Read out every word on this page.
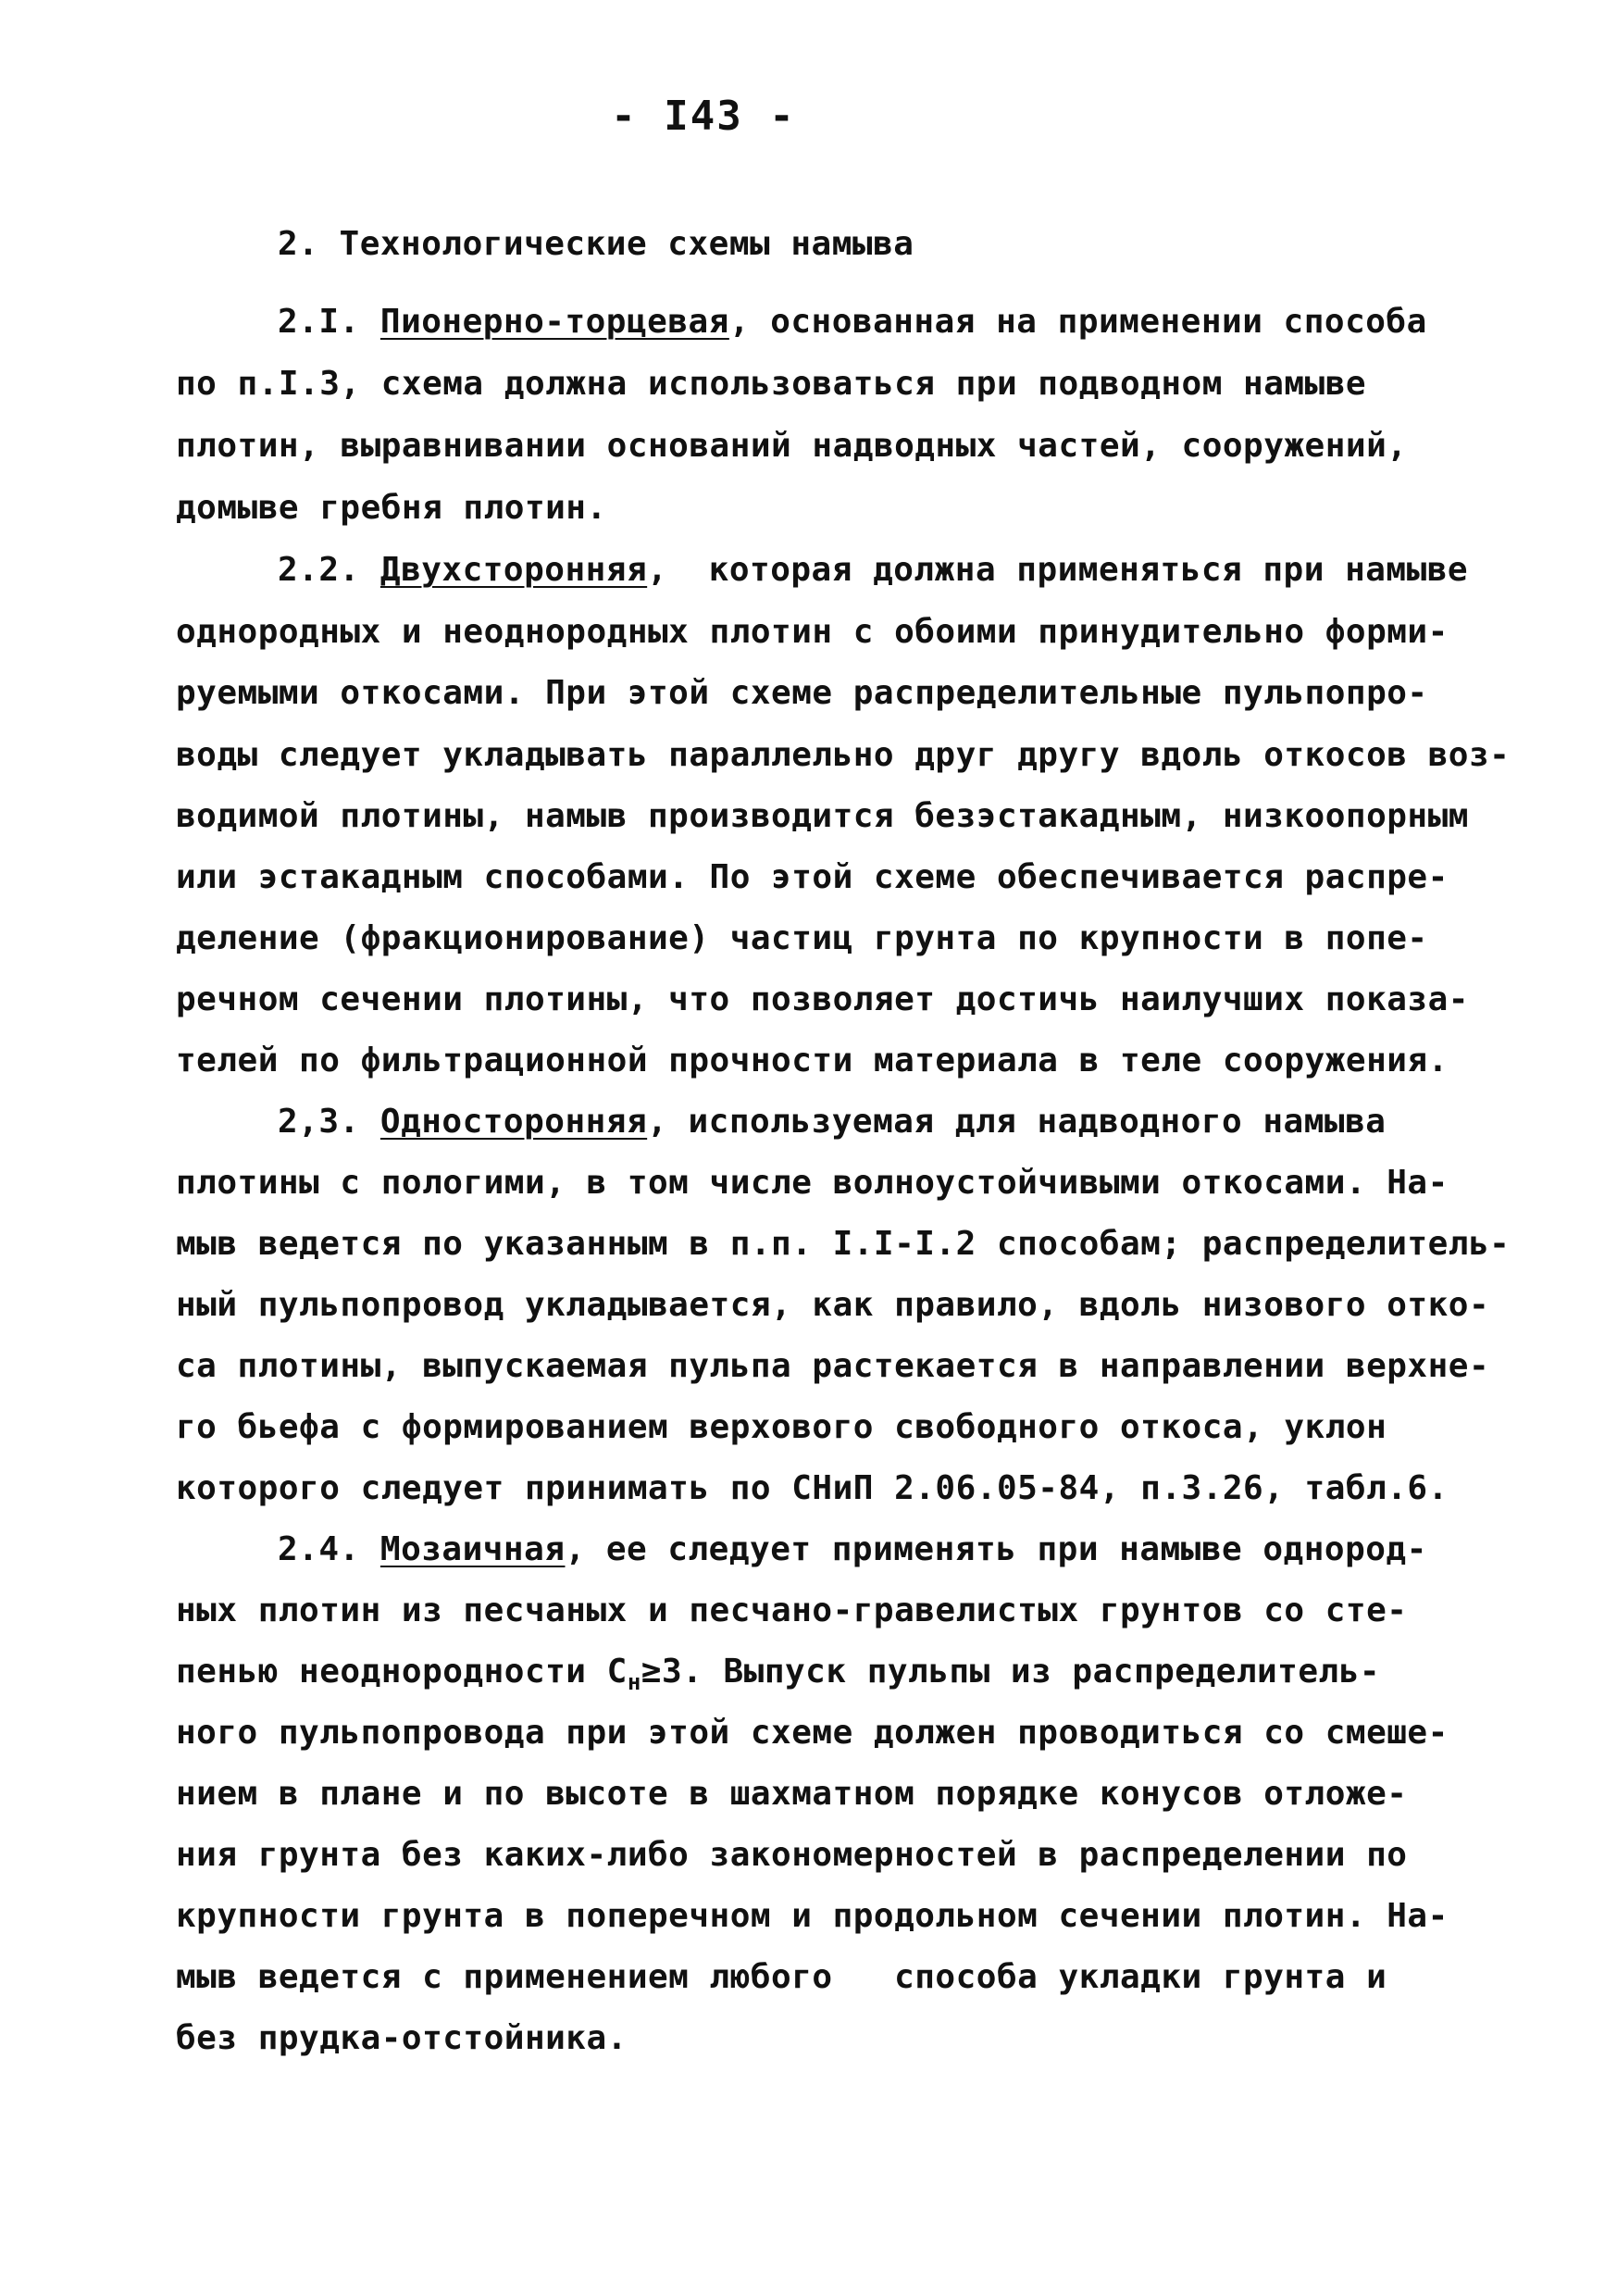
- I43 -
2. Технологические схемы намыва
2.I. Пионерно-торцевая, основанная на применении способа
по п.I.3, схема должна использоваться при подводном намыве
плотин, выравнивании оснований надводных частей, сооружений,
домыве гребня плотин.
2.2. Двухсторонняя,  которая должна применяться при намыве
однородных и неоднородных плотин с обоими принудительно форми-
руемыми откосами. При этой схеме распределительные пульпопро-
воды следует укладывать параллельно друг другу вдоль откосов воз-
водимой плотины, намыв производится безэстакадным, низкоопорным
или эстакадным способами. По этой схеме обеспечивается распре-
деление (фракционирование) частиц грунта по крупности в попе-
речном сечении плотины, что позволяет достичь наилучших показа-
телей по фильтрационной прочности материала в теле сооружения.
2,3. Односторонняя, используемая для надводного намыва
плотины с пологими, в том числе волноустойчивыми откосами. На-
мыв ведется по указанным в п.п. I.I-I.2 способам; распределитель-
ный пульпопровод укладывается, как правило, вдоль низового отко-
са плотины, выпускаемая пульпа растекается в направлении верхне-
го бьефа с формированием верхового свободного откоса, уклон
которого следует принимать по СНиП 2.06.05-84, п.3.26, табл.6.
2.4. Мозаичная, ее следует применять при намыве однород-
ных плотин из песчаных и песчано-гравелистых грунтов со сте-
пенью неоднородности $С_н\ge 3$. Выпуск пульпы из распределитель-
ного пульпопровода при этой схеме должен проводиться со смеше-
нием в плане и по высоте в шахматном порядке конусов отложе-
ния грунта без каких-либо закономерностей в распределении по
крупности грунта в поперечном и продольном сечении плотин. На-
мыв ведется с применением любого   способа укладки грунта и
без прудка-отстойника.
